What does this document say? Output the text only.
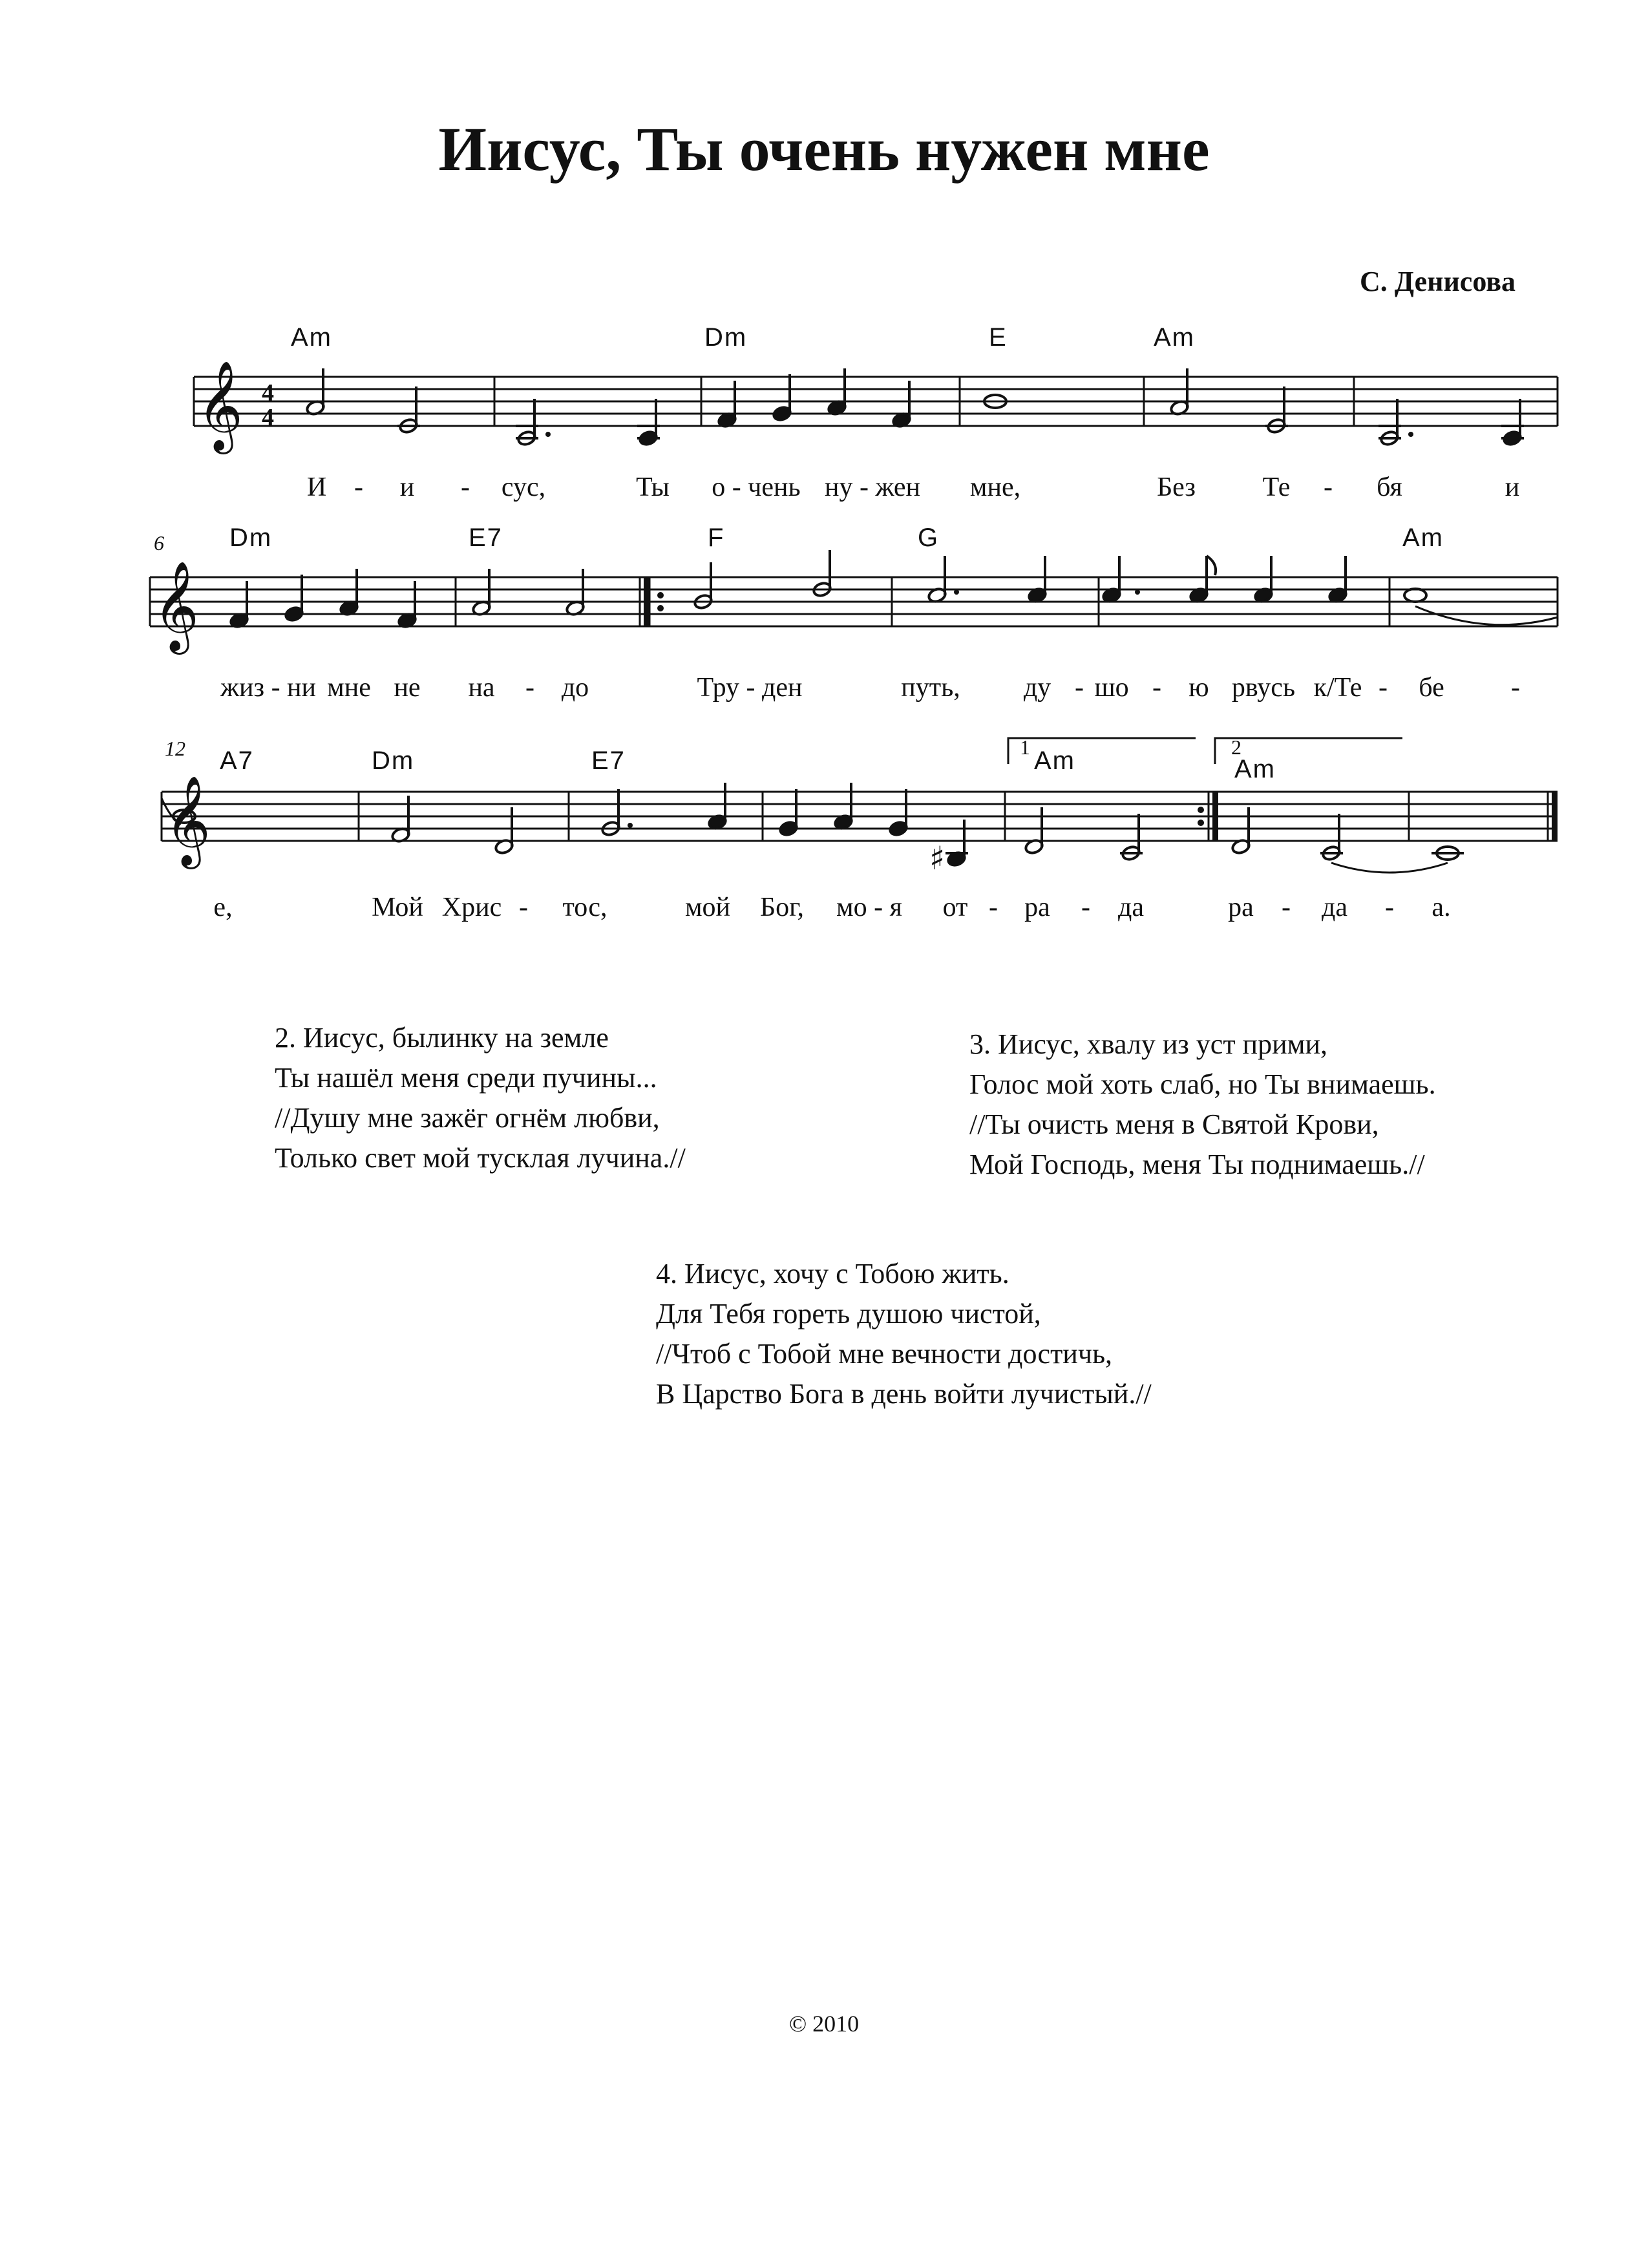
Иисус, Ты очень нужен мне
С. Денисова
Am	Dm	E	Am
𝄞 4
4
И - и - сус,	Ты о - чень ну - жен мне,	Без Те - бя	и
6	Dm	E7	F	G	Am
𝄞
жиз - ни мне не на - до	Тру - ден	путь, ду - шо - ю рвусь к/Те - бе -
12 A7	Dm	E7	Am	Am
1	2
𝄞	♯
е,	Мой Хрис - тос,	мой Бог, мо - я от - ра - да	ра - да - а.
2. Иисус, былинку на земле
Ты нашёл меня среди пучины...
//Душу мне зажёг огнём любви,
Только свет мой тусклая лучина.//
3. Иисус, хвалу из уст прими,
Голос мой хоть слаб, но Ты внимаешь.
//Ты очисть меня в Святой Крови,
Мой Господь, меня Ты поднимаешь.//
4. Иисус, хочу с Тобою жить.
Для Тебя гореть душою чистой,
//Чтоб с Тобой мне вечности достичь,
В Царство Бога в день войти лучистый.//
© 2010
